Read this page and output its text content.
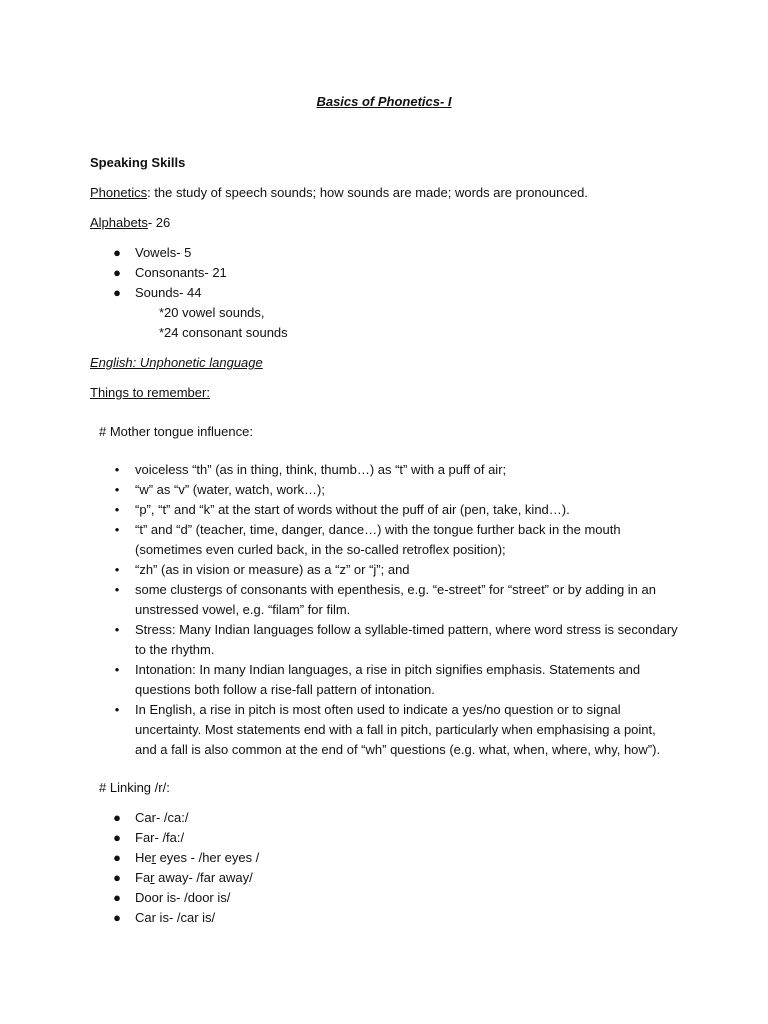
Basics of Phonetics- I
Speaking Skills
Phonetics: the study of speech sounds; how sounds are made; words are pronounced.
Alphabets- 26
● Vowels- 5
● Consonants- 21
● Sounds- 44
*20 vowel sounds,
*24 consonant sounds
English: Unphonetic language
Things to remember:
# Mother tongue influence:
• voiceless “th” (as in thing, think, thumb…) as “t” with a puff of air;
• “w” as “v” (water, watch, work…);
• “p”, “t” and “k” at the start of words without the puff of air (pen, take, kind…).
• “t” and “d” (teacher, time, danger, dance…) with the tongue further back in the mouth (sometimes even curled back, in the so-called retroflex position);
• “zh” (as in vision or measure) as a “z” or “j”; and
• some clustergs of consonants with epenthesis, e.g. “e-street” for “street” or by adding in an unstressed vowel, e.g. “filam” for film.
• Stress: Many Indian languages follow a syllable-timed pattern, where word stress is secondary to the rhythm.
• Intonation: In many Indian languages, a rise in pitch signifies emphasis. Statements and questions both follow a rise-fall pattern of intonation.
• In English, a rise in pitch is most often used to indicate a yes/no question or to signal uncertainty. Most statements end with a fall in pitch, particularly when emphasising a point, and a fall is also common at the end of “wh” questions (e.g. what, when, where, why, how”).
# Linking /r/:
● Car- /ca:/
● Far- /fa:/
● Her eyes - /her eyes /
● Far away- /far away/
● Door is- /door is/
● Car is- /car is/
